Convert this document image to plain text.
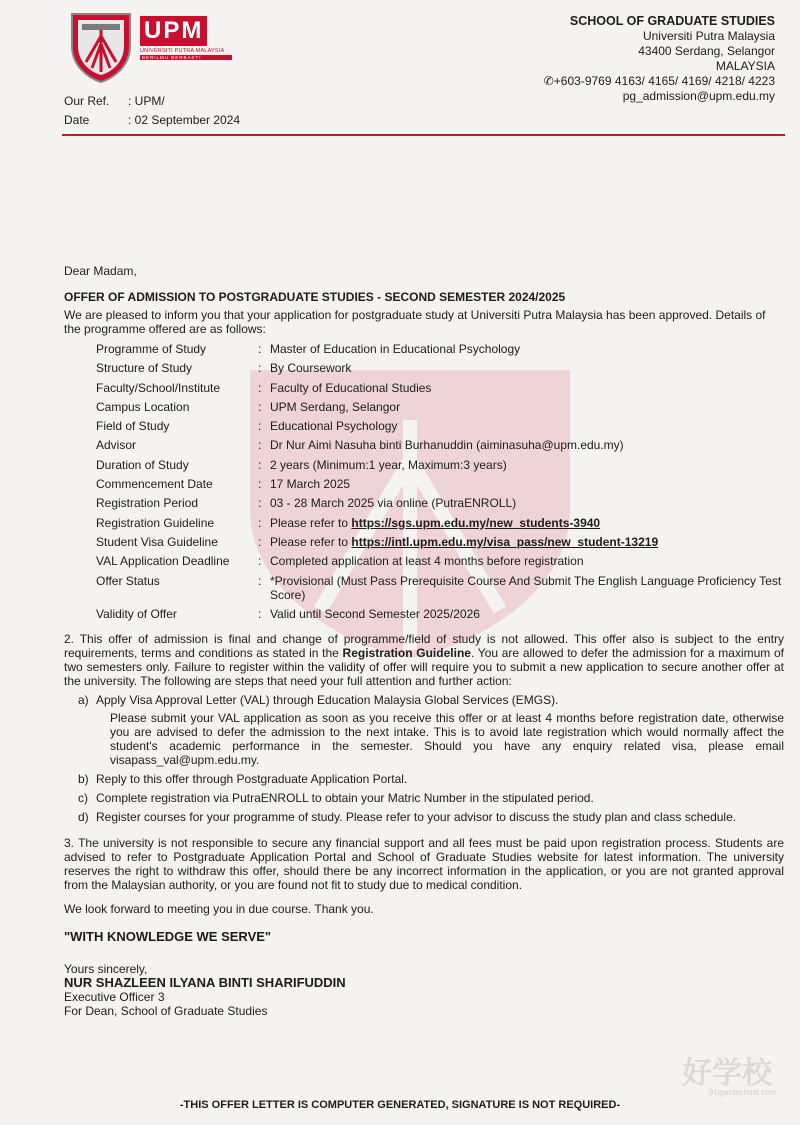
UPM
UNIVERSITI PUTRA MALAYSIA
BERILMU BERBAKTI
SCHOOL OF GRADUATE STUDIES
Universiti Putra Malaysia
43400 Serdang, Selangor
MALAYSIA
✆+603-9769 4163/ 4165/ 4169/ 4218/ 4223
pg_admission@upm.edu.my
Our Ref. : UPM/
Date	: 02 September 2024
Dear Madam,
OFFER OF ADMISSION TO POSTGRADUATE STUDIES - SECOND SEMESTER 2024/2025

We are pleased to inform you that your application for postgraduate study at Universiti Putra Malaysia has been approved. Details of the programme offered are as follows:

Programme of Study	: Master of Education in Educational Psychology
Structure of Study	: By Coursework
Faculty/School/Institute	: Faculty of Educational Studies
Campus Location	: UPM Serdang, Selangor
Field of Study	: Educational Psychology
Advisor	: Dr Nur Aimi Nasuha binti Burhanuddin (aiminasuha@upm.edu.my)
Duration of Study	: 2 years (Minimum:1 year, Maximum:3 years)
Commencement Date	: 17 March 2025
Registration Period	: 03 - 28 March 2025 via online (PutraENROLL)
Registration Guideline	: Please refer to https://sgs.upm.edu.my/new_students-3940
Student Visa Guideline	: Please refer to https://intl.upm.edu.my/visa_pass/new_student-13219
VAL Application Deadline	: Completed application at least 4 months before registration
Offer Status	: *Provisional (Must Pass Prerequisite Course And Submit The English Language Proficiency Test Score)
Validity of Offer	: Valid until Second Semester 2025/2026

2. This offer of admission is final and change of programme/field of study is not allowed. This offer also is subject to the entry requirements, terms and conditions as stated in the Registration Guideline. You are allowed to defer the admission for a maximum of two semesters only. Failure to register within the validity of offer will require you to submit a new application to secure another offer at the university. The following are steps that need your full attention and further action:

a) Apply Visa Approval Letter (VAL) through Education Malaysia Global Services (EMGS).

Please submit your VAL application as soon as you receive this offer or at least 4 months before registration date, otherwise you are advised to defer the admission to the next intake. This is to avoid late registration which would normally affect the student's academic performance in the semester. Should you have any enquiry related visa, please email visapass_val@upm.edu.my.

b) Reply to this offer through Postgraduate Application Portal.
c) Complete registration via PutraENROLL to obtain your Matric Number in the stipulated period.
d) Register courses for your programme of study. Please refer to your advisor to discuss the study plan and class schedule.

3. The university is not responsible to secure any financial support and all fees must be paid upon registration process. Students are advised to refer to Postgraduate Application Portal and School of Graduate Studies website for latest information. The university reserves the right to withdraw this offer, should there be any incorrect information in the application, or you are not granted approval from the Malaysian authority, or you are found not fit to study due to medical condition.

We look forward to meeting you in due course. Thank you.
"WITH KNOWLEDGE WE SERVE"
Yours sincerely,
NUR SHAZLEEN ILYANA BINTI SHARIFUDDIN
Executive Officer 3
For Dean, School of Graduate Studies
好学校
91goodschool.com
-THIS OFFER LETTER IS COMPUTER GENERATED, SIGNATURE IS NOT REQUIRED-
